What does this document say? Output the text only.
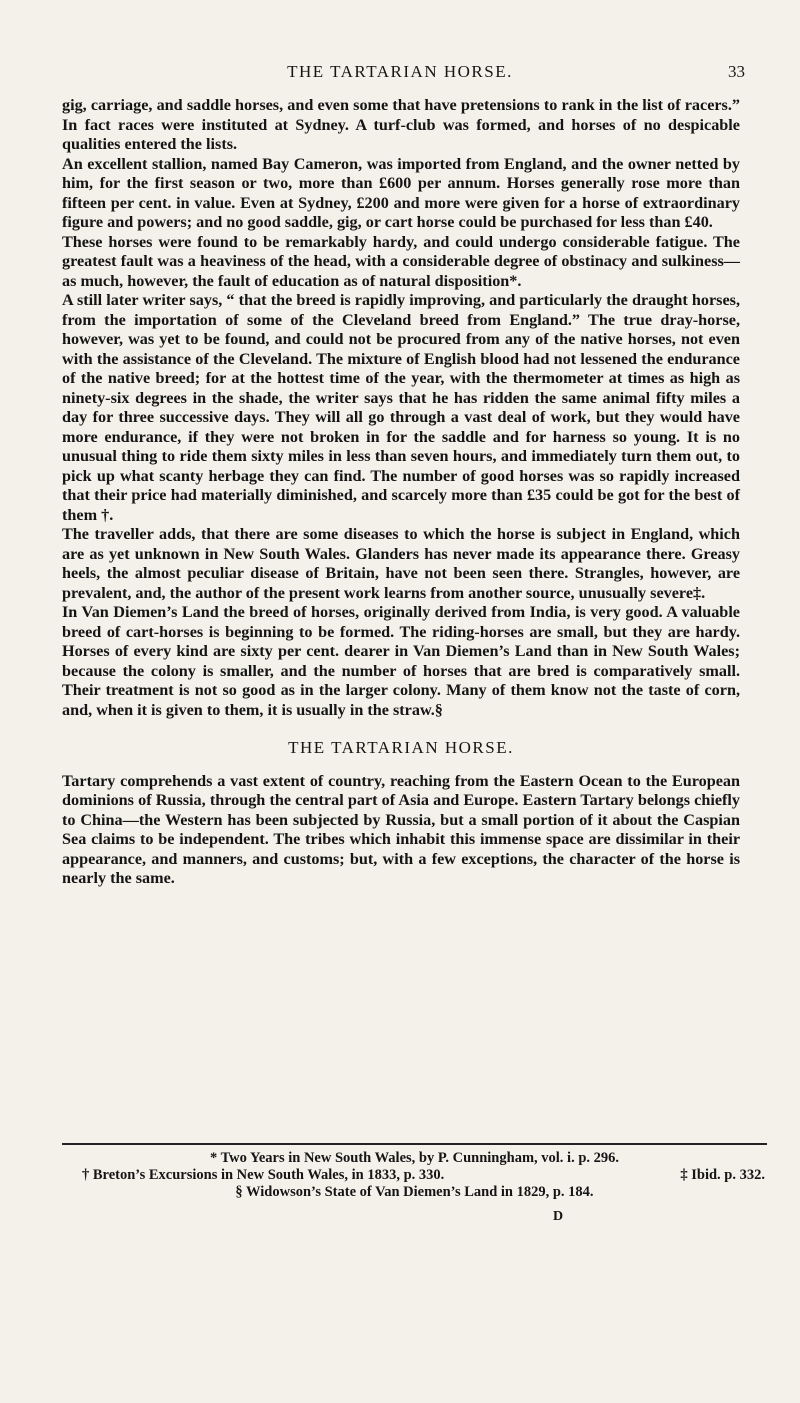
THE TARTARIAN HORSE.	33

gig, carriage, and saddle horses, and even some that have pretensions to rank in the list of racers.” In fact races were instituted at Sydney. A turf-club was formed, and horses of no despicable qualities entered the lists.

An excellent stallion, named Bay Cameron, was imported from England, and the owner netted by him, for the first season or two, more than £600 per annum. Horses generally rose more than fifteen per cent. in value. Even at Sydney, £200 and more were given for a horse of extraordinary figure and powers; and no good saddle, gig, or cart horse could be purchased for less than £40.

These horses were found to be remarkably hardy, and could undergo considerable fatigue. The greatest fault was a heaviness of the head, with a considerable degree of obstinacy and sulkiness—as much, however, the fault of education as of natural disposition*.

A still later writer says, “ that the breed is rapidly improving, and particularly the draught horses, from the importation of some of the Cleveland breed from England.” The true dray-horse, however, was yet to be found, and could not be procured from any of the native horses, not even with the assistance of the Cleveland. The mixture of English blood had not lessened the endurance of the native breed; for at the hottest time of the year, with the thermometer at times as high as ninety-six degrees in the shade, the writer says that he has ridden the same animal fifty miles a day for three successive days. They will all go through a vast deal of work, but they would have more endurance, if they were not broken in for the saddle and for harness so young. It is no unusual thing to ride them sixty miles in less than seven hours, and immediately turn them out, to pick up what scanty herbage they can find. The number of good horses was so rapidly increased that their price had materially diminished, and scarcely more than £35 could be got for the best of them †.

The traveller adds, that there are some diseases to which the horse is subject in England, which are as yet unknown in New South Wales. Glanders has never made its appearance there. Greasy heels, the almost peculiar disease of Britain, have not been seen there. Strangles, however, are prevalent, and, the author of the present work learns from another source, unusually severe‡.

In Van Diemen’s Land the breed of horses, originally derived from India, is very good. A valuable breed of cart-horses is beginning to be formed. The riding-horses are small, but they are hardy. Horses of every kind are sixty per cent. dearer in Van Diemen’s Land than in New South Wales; because the colony is smaller, and the number of horses that are bred is comparatively small. Their treatment is not so good as in the larger colony. Many of them know not the taste of corn, and, when it is given to them, it is usually in the straw.§

THE TARTARIAN HORSE.

Tartary comprehends a vast extent of country, reaching from the Eastern Ocean to the European dominions of Russia, through the central part of Asia and Europe. Eastern Tartary belongs chiefly to China—the Western has been subjected by Russia, but a small portion of it about the Caspian Sea claims to be independent. The tribes which inhabit this immense space are dissimilar in their appearance, and manners, and customs; but, with a few exceptions, the character of the horse is nearly the same.

* Two Years in New South Wales, by P. Cunningham, vol. i. p. 296.
† Breton’s Excursions in New South Wales, in 1833, p. 330.	‡ Ibid. p. 332.
§ Widowson’s State of Van Diemen’s Land in 1829, p. 184.
D
